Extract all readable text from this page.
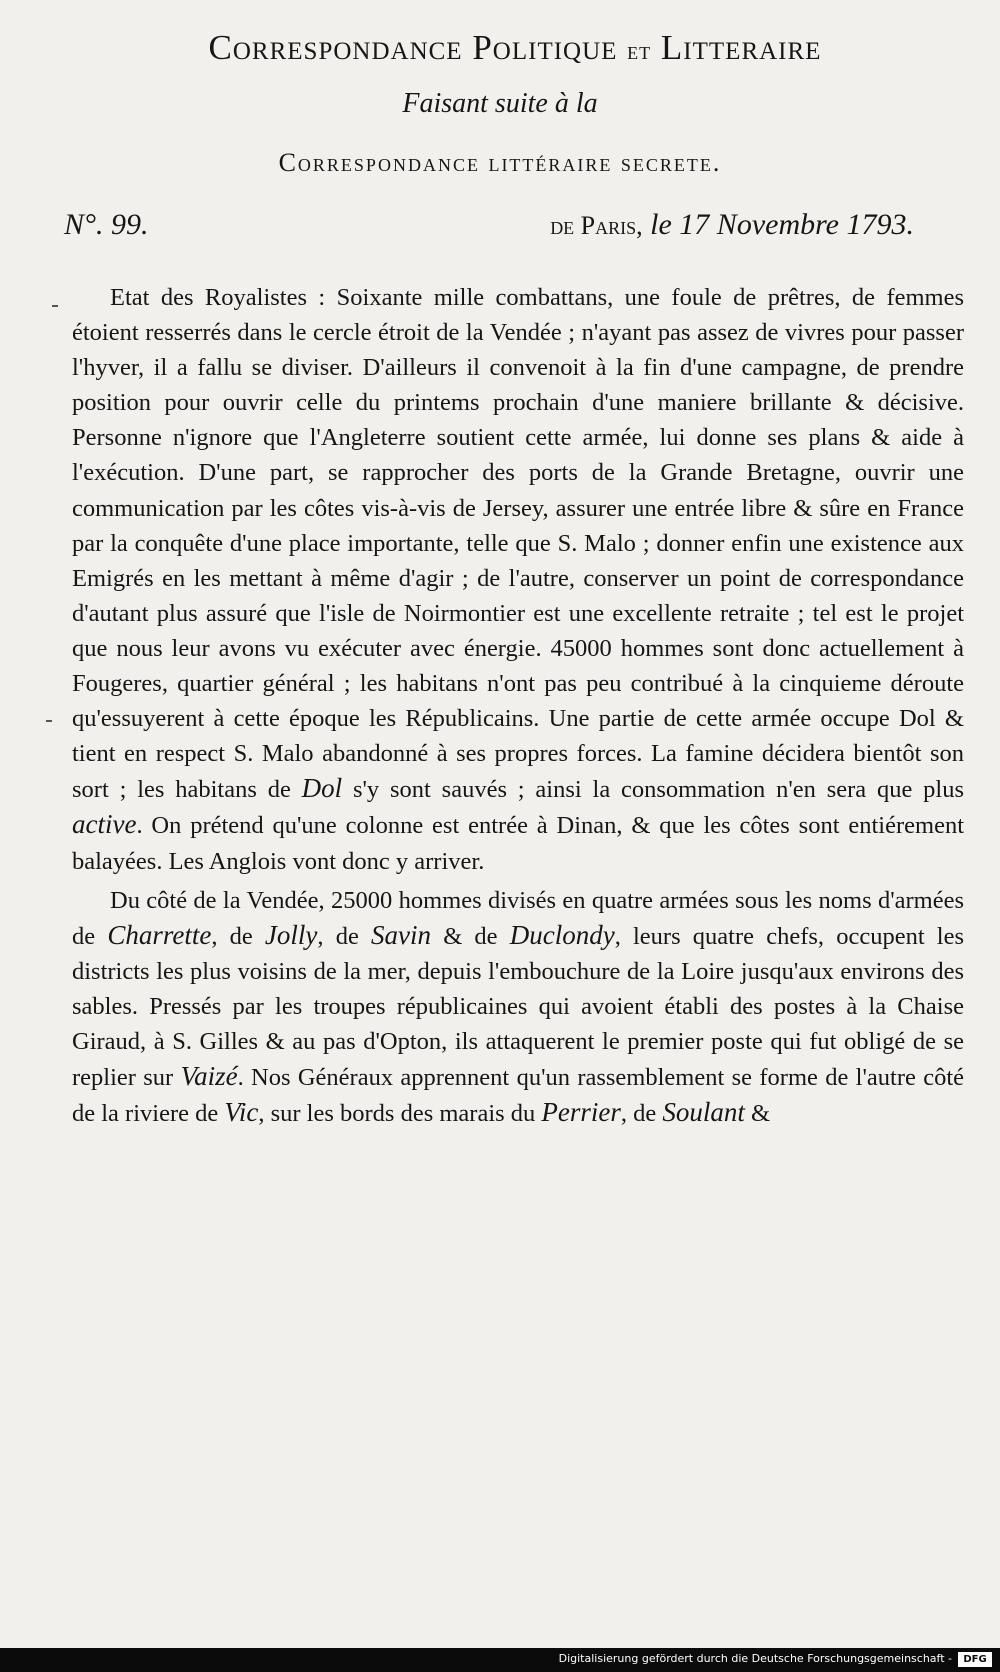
Correspondance Politique et Litteraire
Faisant suite à la
Correspondance littéraire secrete.
N°. 99.	de Paris, le 17 Novembre 1793.

Etat des Royalistes : Soixante mille combattans, une foule de prêtres, de femmes étoient resserrés dans le cercle étroit de la Vendée ; n'ayant pas assez de vivres pour passer l'hyver, il a fallu se diviser. D'ailleurs il convenoit à la fin d'une campagne, de prendre position pour ouvrir celle du printems prochain d'une maniere brillante & décisive. Personne n'ignore que l'Angleterre soutient cette armée, lui donne ses plans & aide à l'exécution. D'une part, se rapprocher des ports de la Grande Bretagne, ouvrir une communication par les côtes vis-à-vis de Jersey, assurer une entrée libre & sûre en France par la conquête d'une place importante, telle que S. Malo ; donner enfin une existence aux Emigrés en les mettant à même d'agir ; de l'autre, conserver un point de correspondance d'autant plus assuré que l'isle de Noirmontier est une excellente retraite ; tel est le projet que nous leur avons vu exécuter avec énergie. 45000 hommes sont donc actuellement à Fougeres, quartier général ; les habitans n'ont pas peu contribué à la cinquieme déroute qu'essuyerent à cette époque les Républicains. Une partie de cette armée occupe Dol & tient en respect S. Malo abandonné à ses propres forces. La famine décidera bientôt son sort ; les habitans de Dol s'y sont sauvés ; ainsi la consommation n'en sera que plus active. On prétend qu'une colonne est entrée à Dinan, & que les côtes sont entiérement balayées. Les Anglois vont donc y arriver.

Du côté de la Vendée, 25000 hommes divisés en quatre armées sous les noms d'armées de Charrette, de Jolly, de Savin & de Duclondy, leurs quatre chefs, occupent les districts les plus voisins de la mer, depuis l'embouchure de la Loire jusqu'aux environs des sables. Pressés par les troupes républicaines qui avoient établi des postes à la Chaise Giraud, à S. Gilles & au pas d'Opton, ils attaquerent le premier poste qui fut obligé de se replier sur Vaizé. Nos Généraux apprennent qu'un rassemblement se forme de l'autre côté de la riviere de Vic, sur les bords des marais du Perrier, de Soulant &

Digitalisierung gefördert durch die Deutsche Forschungsgemeinschaft -	DFG
